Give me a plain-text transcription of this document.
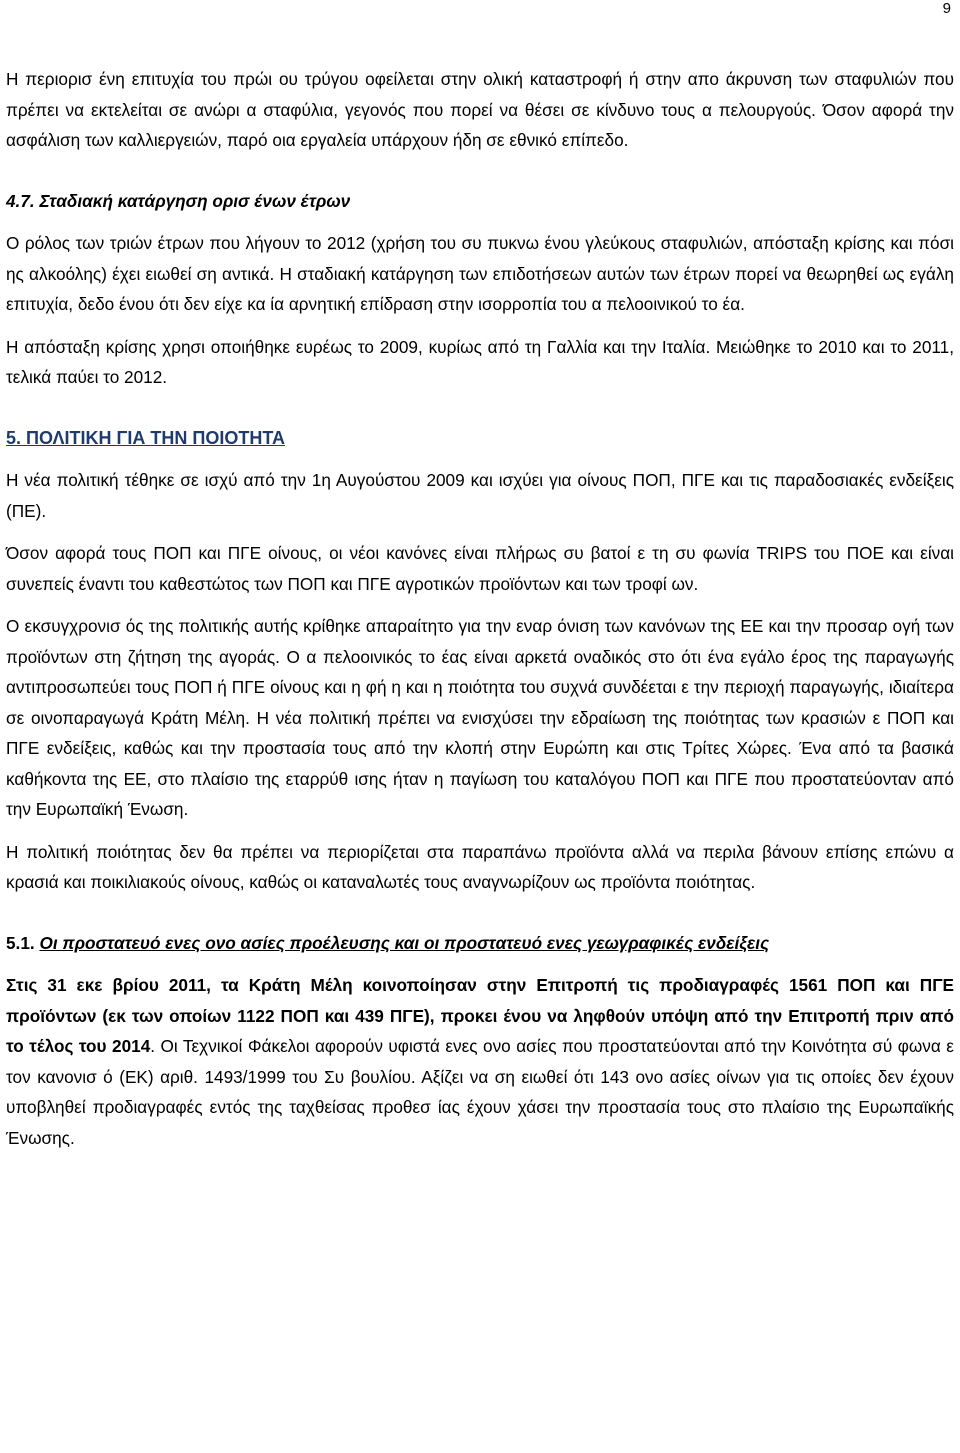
9

Η περιορισ ένη επιτυχία του πρώι ου τρύγου οφείλεται στην ολική καταστροφή ή στην απο άκρυνση των σταφυλιών που πρέπει να εκτελείται σε ανώρι α σταφύλια, γεγονός που πορεί να θέσει σε κίνδυνο τους α πελουργούς. Όσον αφορά την ασφάλιση των καλλιεργειών, παρό οια εργαλεία υπάρχουν ήδη σε εθνικό επίπεδο.

4.7. Σταδιακή κατάργηση ορισ ένων έτρων

Ο ρόλος των τριών έτρων που λήγουν το 2012 (χρήση του συ πυκνω ένου γλεύκους σταφυλιών, απόσταξη κρίσης και πόσι ης αλκοόλης) έχει ειωθεί ση αντικά. Η σταδιακή κατάργηση των επιδοτήσεων αυτών των έτρων πορεί να θεωρηθεί ως εγάλη επιτυχία, δεδο ένου ότι δεν είχε κα ία αρνητική επίδραση στην ισορροπία του α πελοοινικού το έα.

Η απόσταξη κρίσης χρησι οποιήθηκε ευρέως το 2009, κυρίως από τη Γαλλία και την Ιταλία. Μειώθηκε το 2010 και το 2011, τελικά παύει το 2012.

5. ΠΟΛΙΤΙΚΗ ΓΙΑ ΤΗΝ ΠΟΙΟΤΗΤΑ

Η νέα πολιτική τέθηκε σε ισχύ από την 1η Αυγούστου 2009 και ισχύει για οίνους ΠΟΠ, ΠΓΕ και τις παραδοσιακές ενδείξεις (ΠΕ).

Όσον αφορά τους ΠΟΠ και ΠΓΕ οίνους, οι νέοι κανόνες είναι πλήρως συ βατοί ε τη συ φωνία TRIPS του ΠΟΕ και είναι συνεπείς έναντι του καθεστώτος των ΠΟΠ και ΠΓΕ αγροτικών προϊόντων και των τροφί ων.

Ο εκσυγχρονισ ός της πολιτικής αυτής κρίθηκε απαραίτητο για την εναρ όνιση των κανόνων της ΕΕ και την προσαρ ογή των προϊόντων στη ζήτηση της αγοράς. Ο α πελοοινικός το έας είναι αρκετά οναδικός στο ότι ένα εγάλο έρος της παραγωγής αντιπροσωπεύει τους ΠΟΠ ή ΠΓΕ οίνους και η φή η και η ποιότητα του συχνά συνδέεται ε την περιοχή παραγωγής, ιδιαίτερα σε οινοπαραγωγά Κράτη Μέλη. Η νέα πολιτική πρέπει να ενισχύσει την εδραίωση της ποιότητας των κρασιών ε ΠΟΠ και ΠΓΕ ενδείξεις, καθώς και την προστασία τους από την κλοπή στην Ευρώπη και στις Τρίτες Χώρες. Ένα από τα βασικά καθήκοντα της ΕΕ, στο πλαίσιο της εταρρύθ ισης ήταν η παγίωση του καταλόγου ΠΟΠ και ΠΓΕ που προστατεύονταν από την Ευρωπαϊκή Ένωση.

Η πολιτική ποιότητας δεν θα πρέπει να περιορίζεται στα παραπάνω προϊόντα αλλά να περιλα βάνουν επίσης επώνυ α κρασιά και ποικιλιακούς οίνους, καθώς οι καταναλωτές τους αναγνωρίζουν ως προϊόντα ποιότητας.

5.1. Οι προστατευό ενες ονο ασίες προέλευσης και οι προστατευό ενες γεωγραφικές ενδείξεις

Στις 31 εκε βρίου 2011, τα Κράτη Μέλη κοινοποίησαν στην Επιτροπή τις προδιαγραφές 1561 ΠΟΠ και ΠΓΕ προϊόντων (εκ των οποίων 1122 ΠΟΠ και 439 ΠΓΕ), προκει ένου να ληφθούν υπόψη από την Επιτροπή πριν από το τέλος του 2014. Οι Τεχνικοί Φάκελοι αφορούν υφιστά ενες ονο ασίες που προστατεύονται από την Κοινότητα σύ φωνα ε τον κανονισ ό (ΕΚ) αριθ. 1493/1999 του Συ βουλίου. Αξίζει να ση ειωθεί ότι 143 ονο ασίες οίνων για τις οποίες δεν έχουν υποβληθεί προδιαγραφές εντός της ταχθείσας προθεσ ίας έχουν χάσει την προστασία τους στο πλαίσιο της Ευρωπαϊκής Ένωσης.
